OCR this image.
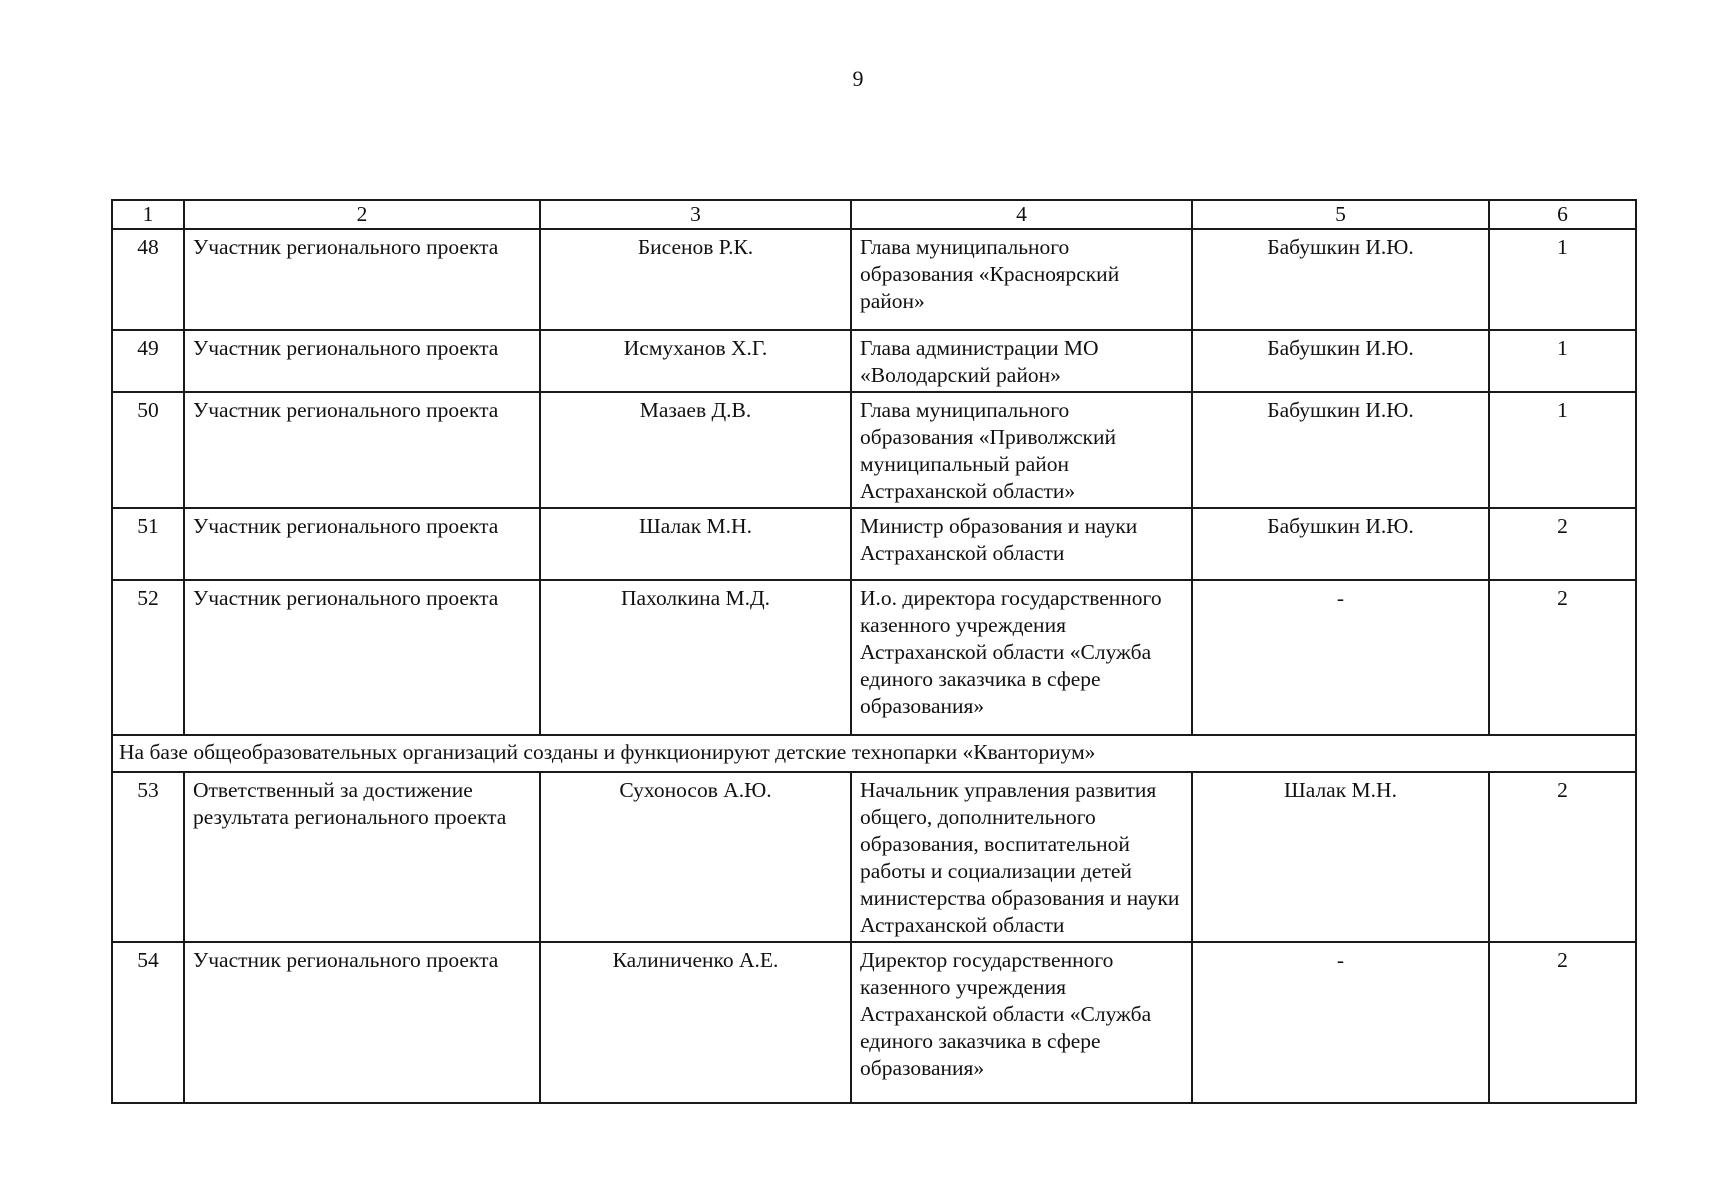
9
1	2	3	4	5	6
48	Участник регионального проекта	Бисенов Р.К.	Глава муниципального образования «Красноярский район»	Бабушкин И.Ю.	1
49	Участник регионального проекта	Исмуханов Х.Г.	Глава администрации МО «Володарский район»	Бабушкин И.Ю.	1
50	Участник регионального проекта	Мазаев Д.В.	Глава муниципального образования «Приволжский муниципальный район Астраханской области»	Бабушкин И.Ю.	1
51	Участник регионального проекта	Шалак М.Н.	Министр образования и науки Астраханской области	Бабушкин И.Ю.	2
52	Участник регионального проекта	Пахолкина М.Д.	И.о. директора государственного казенного учреждения Астраханской области «Служба единого заказчика в сфере образования»	-	2
На базе общеобразовательных организаций созданы и функционируют детские технопарки «Кванториум»					
53	Ответственный за достижение результата регионального проекта	Сухоносов А.Ю.	Начальник управления развития общего, дополнительного образования, воспитательной работы и социализации детей министерства образования и науки Астраханской области	Шалак М.Н.	2
54	Участник регионального проекта	Калиниченко А.Е.	Директор государственного казенного учреждения Астраханской области «Служба единого заказчика в сфере образования»	-	2
